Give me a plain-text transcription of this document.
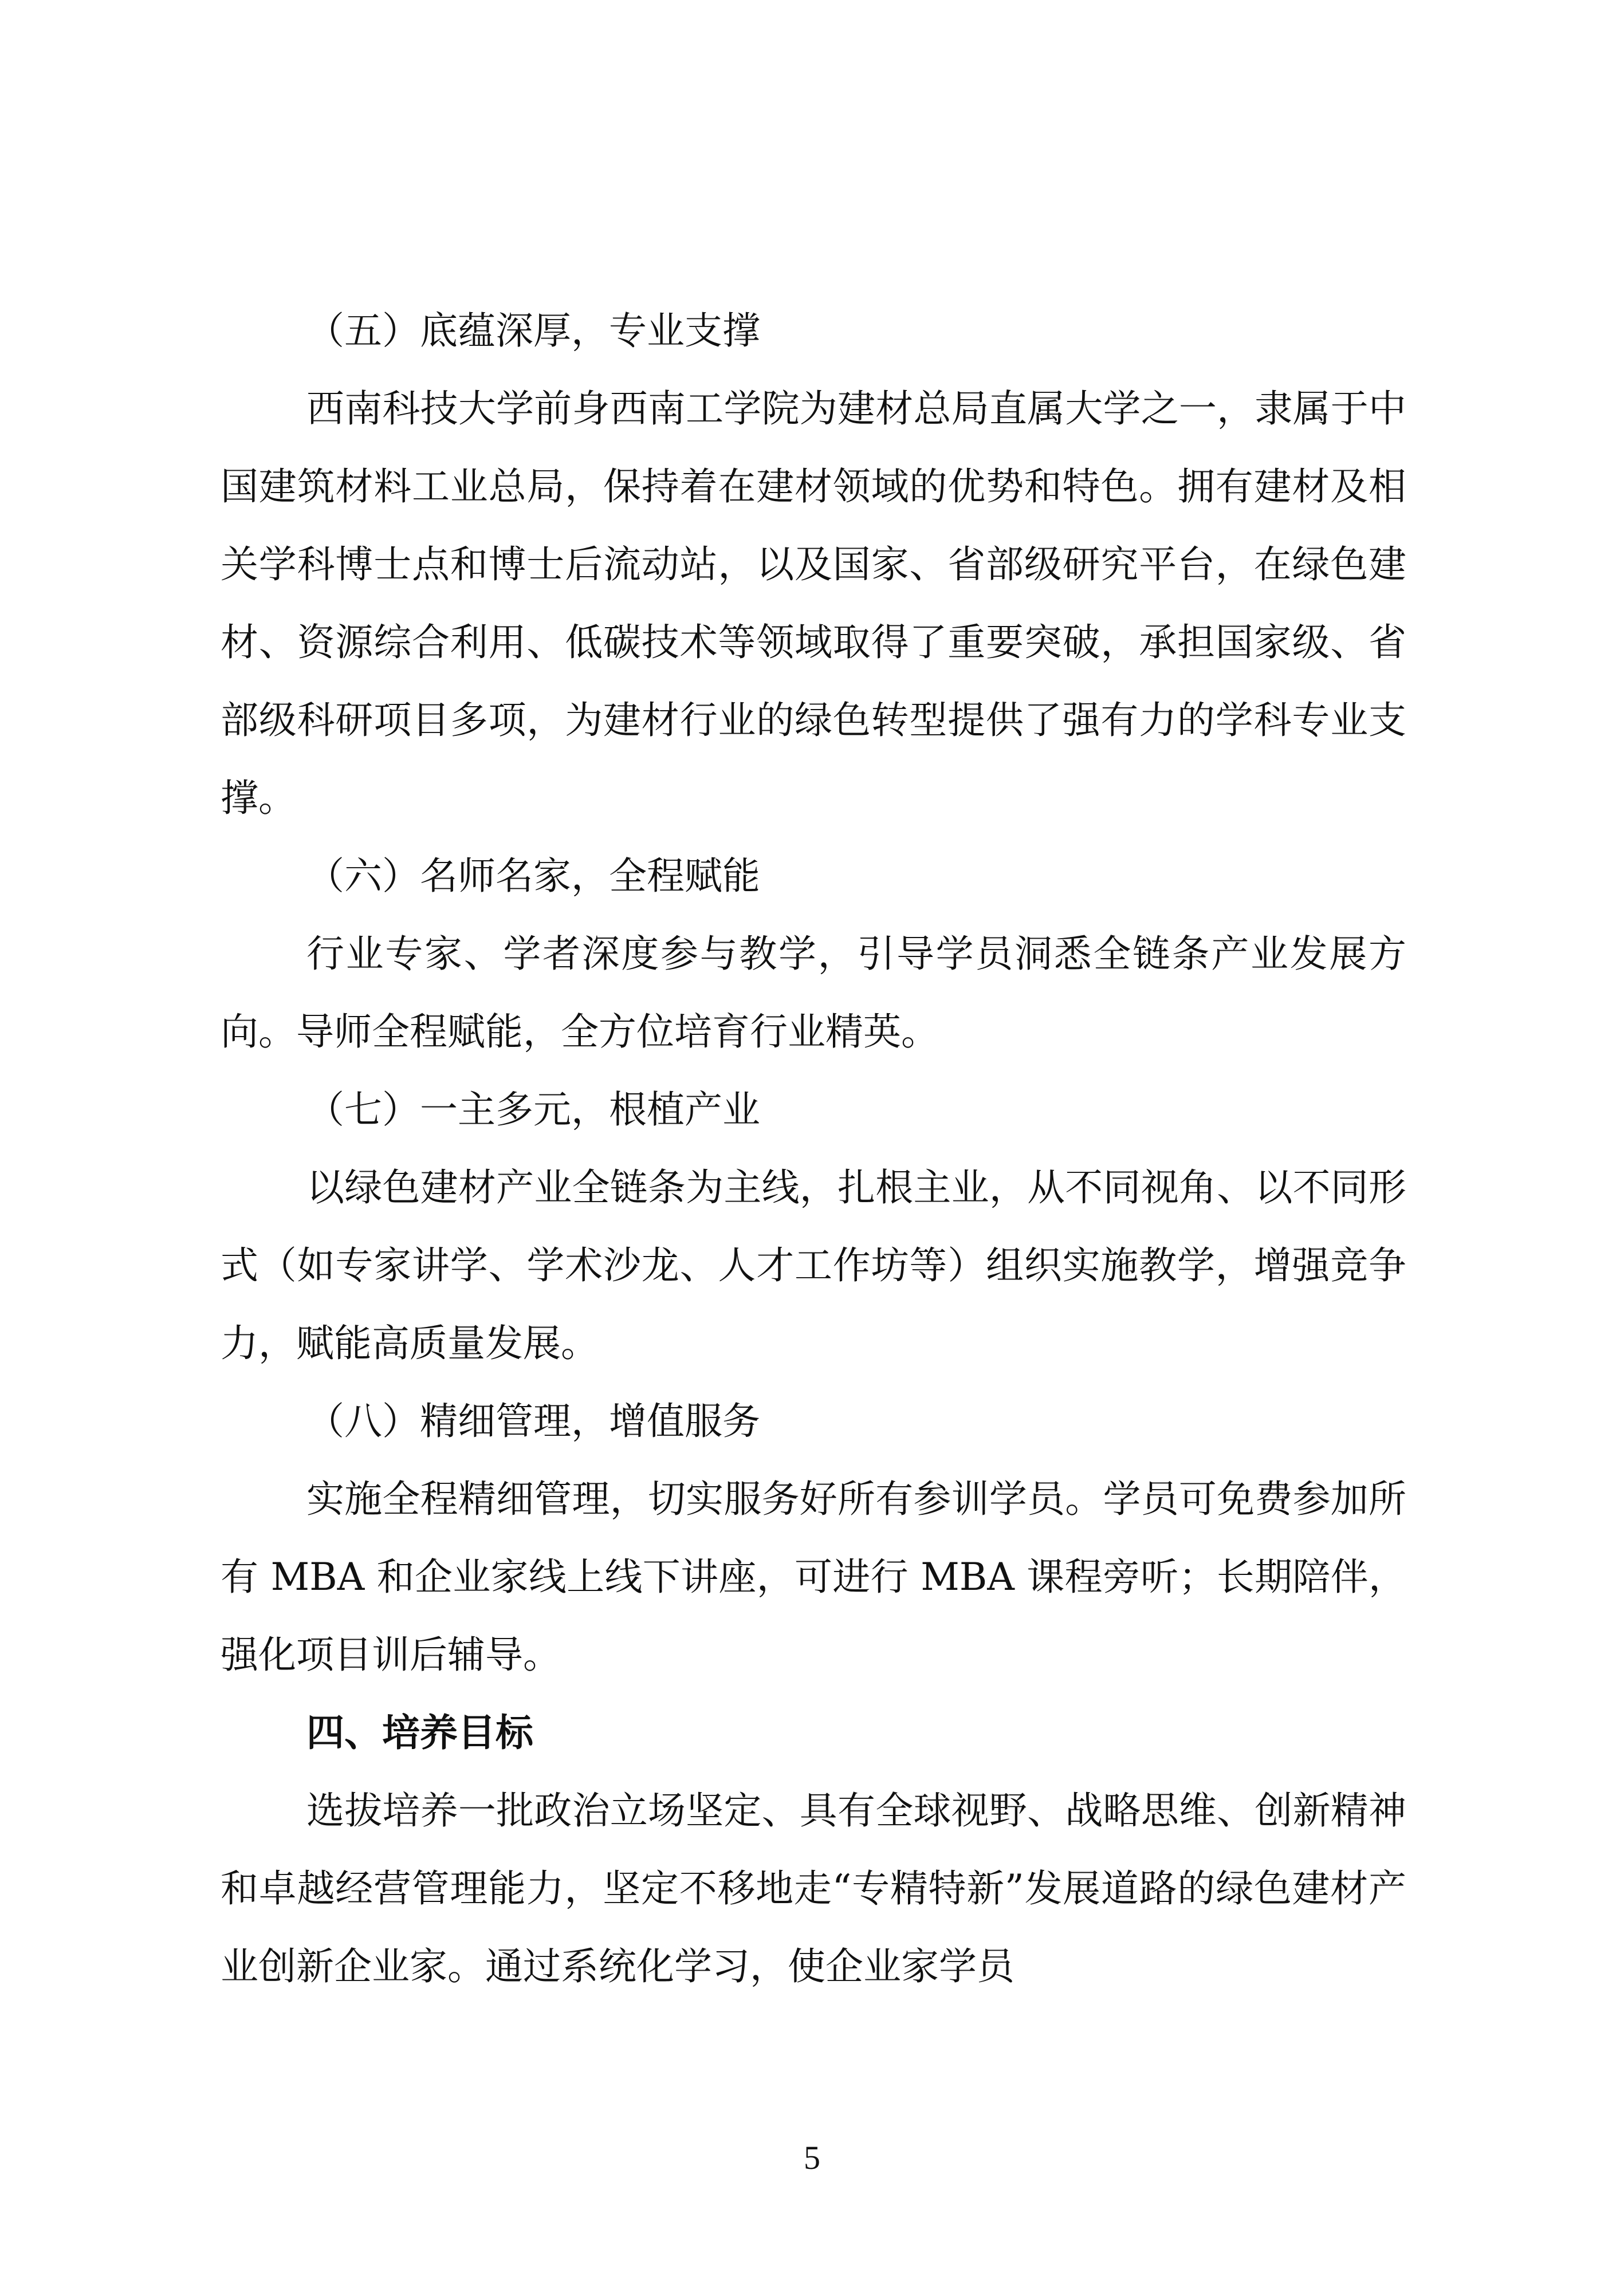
（五）底蕴深厚，专业支撑

西南科技大学前身西南工学院为建材总局直属大学之一，隶属于中国建筑材料工业总局，保持着在建材领域的优势和特色。拥有建材及相关学科博士点和博士后流动站，以及国家、省部级研究平台，在绿色建材、资源综合利用、低碳技术等领域取得了重要突破，承担国家级、省部级科研项目多项，为建材行业的绿色转型提供了强有力的学科专业支撑。

（六）名师名家，全程赋能

行业专家、学者深度参与教学，引导学员洞悉全链条产业发展方向。导师全程赋能，全方位培育行业精英。

（七）一主多元，根植产业

以绿色建材产业全链条为主线，扎根主业，从不同视角、以不同形式（如专家讲学、学术沙龙、人才工作坊等）组织实施教学，增强竞争力，赋能高质量发展。

（八）精细管理，增值服务

实施全程精细管理，切实服务好所有参训学员。学员可免费参加所有 MBA 和企业家线上线下讲座，可进行 MBA 课程旁听；长期陪伴，强化项目训后辅导。

四、培养目标

选拔培养一批政治立场坚定、具有全球视野、战略思维、创新精神和卓越经营管理能力，坚定不移地走“专精特新”发展道路的绿色建材产业创新企业家。通过系统化学习，使企业家学员

5
